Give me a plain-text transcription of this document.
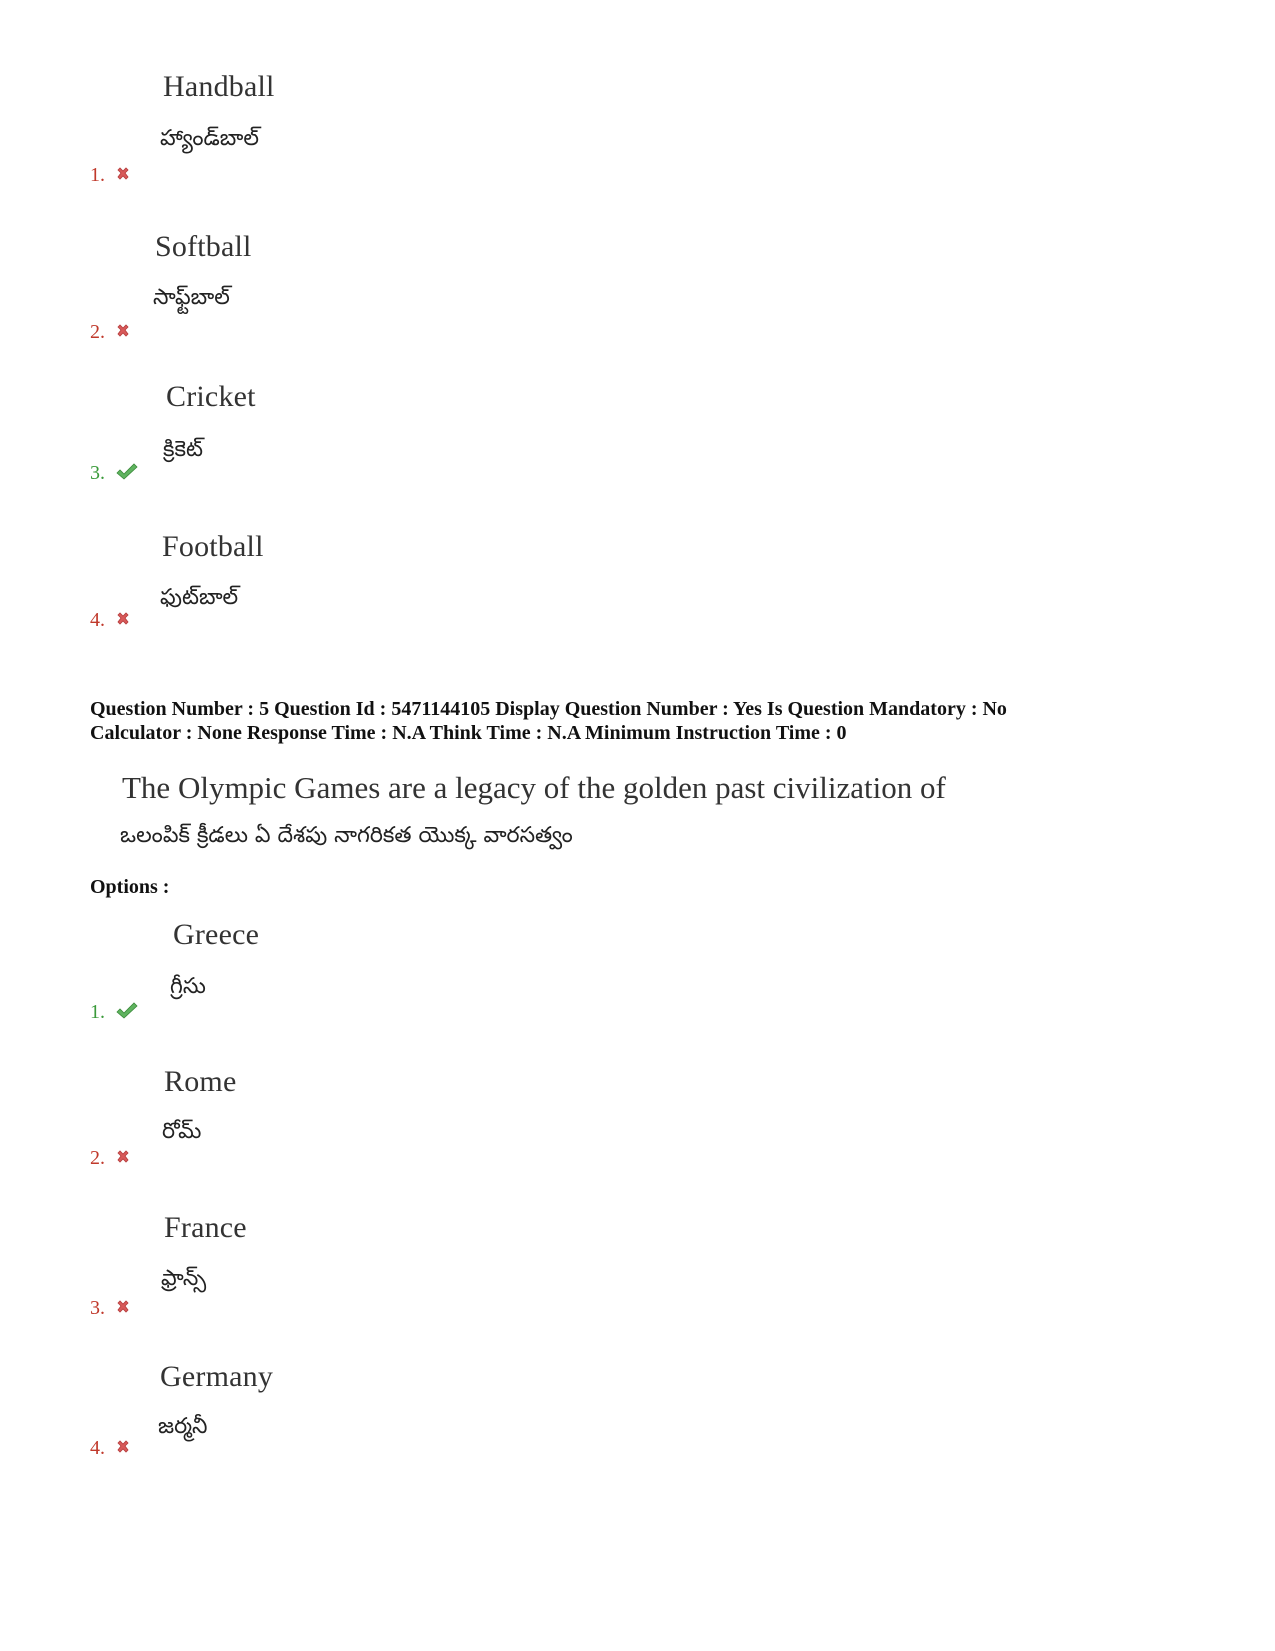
Handball
హ్యాండ్‌బాల్
1.
Softball
సాఫ్ట్‌బాల్
2.
Cricket
క్రికెట్
3.
Football
ఫుట్‌బాల్
4.
Question Number : 5 Question Id : 5471144105 Display Question Number : Yes Is Question Mandatory : No
Calculator : None Response Time : N.A Think Time : N.A Minimum Instruction Time : 0
The Olympic Games are a legacy of the golden past civilization of
ఒలంపిక్ క్రీడలు ఏ దేశపు నాగరికత యొక్క వారసత్వం
Options :
Greece
గ్రీసు
1.
Rome
రోమ్
2.
France
ఫ్రాన్స్
3.
Germany
జర్మనీ
4.
